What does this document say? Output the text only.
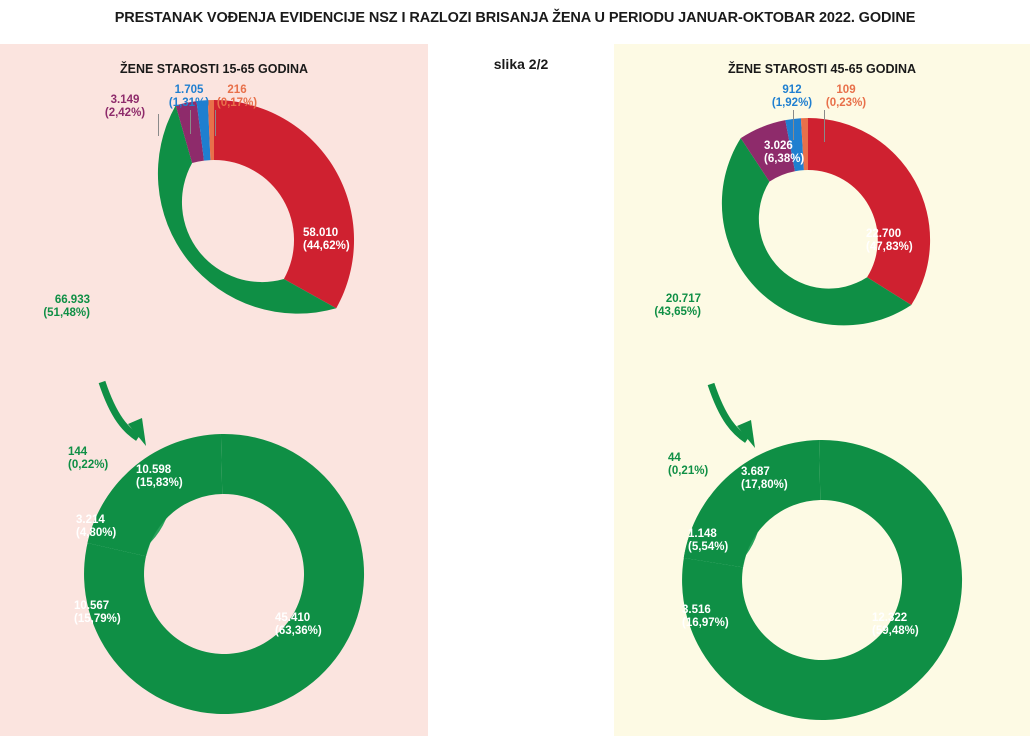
PRESTANAK VOĐENJA EVIDENCIJE NSZ I RAZLOZI BRISANJA ŽENA U PERIODU JANUAR-OKTOBAR 2022. GODINE
ŽENE STAROSTI 15-65 GODINA	ŽENE STAROSTI 45-65 GODINA
slika 2/2
58.010
(44,62%)
66.933
(51,48%)
3.149
(2,42%)
1.705
(1,31%)
216
(0,17%)
45.410
(63,36%)
10.598
(15,83%)
3.214
(4,80%)
10.567
(15,79%)
144
(0,22%)
22.700
(47,83%)
20.717
(43,65%)
3.026
(6,38%)
912
(1,92%)
109
(0,23%)
12.322
(59,48%)
3.687
(17,80%)
1.148
(5,54%)
3.516
(16,97%)
44
(0,21%)
